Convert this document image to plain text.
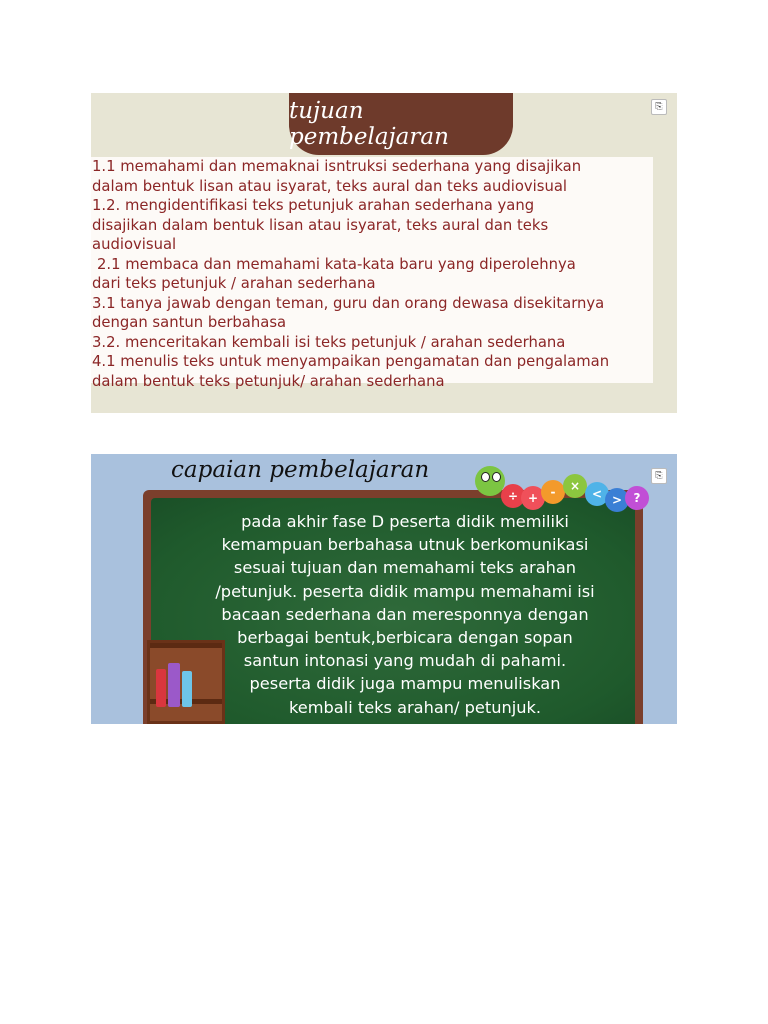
tujuan pembelajaran
⎘
1.1 memahami dan memaknai isntruksi sederhana yang disajikan
dalam bentuk lisan atau isyarat, teks aural dan teks audiovisual
1.2. mengidentifikasi teks petunjuk arahan sederhana yang
disajikan dalam bentuk lisan atau isyarat, teks aural dan teks
audiovisual
2.1 membaca dan memahami kata-kata baru yang diperolehnya
dari teks petunjuk / arahan sederhana
3.1 tanya jawab dengan teman, guru dan orang dewasa disekitarnya
dengan santun berbahasa
3.2. menceritakan kembali isi teks petunjuk / arahan sederhana
4.1 menulis teks untuk menyampaikan pengamatan dan pengalaman
dalam bentuk teks petunjuk/ arahan sederhana
capaian pembelajaran
pada akhir fase D peserta didik memiliki
kemampuan berbahasa utnuk berkomunikasi
sesuai tujuan dan memahami teks arahan
/petunjuk. peserta didik mampu memahami isi
bacaan sederhana dan meresponnya dengan
berbagai bentuk,berbicara dengan sopan
santun intonasi yang mudah di pahami.
peserta didik juga mampu menuliskan
kembali teks arahan/ petunjuk.
÷ +	-	×
< > ?
⎘
